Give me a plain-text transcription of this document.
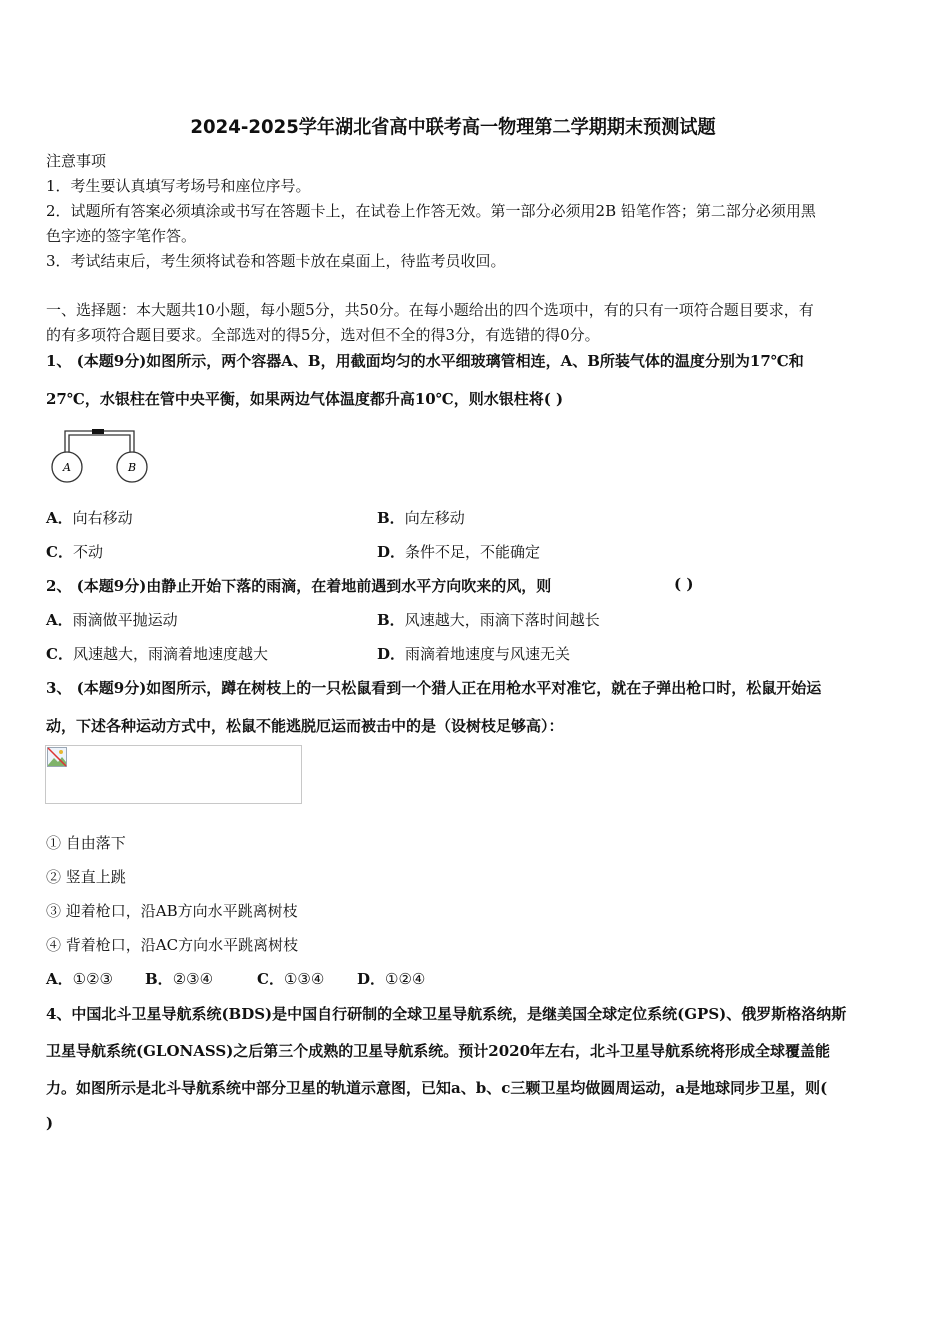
2024-2025学年湖北省高中联考高一物理第二学期期末预测试题
注意事项
1．考生要认真填写考场号和座位序号。
2．试题所有答案必须填涂或书写在答题卡上，在试卷上作答无效。第一部分必须用2B 铅笔作答；第二部分必须用黑
色字迹的签字笔作答。
3．考试结束后，考生须将试卷和答题卡放在桌面上，待监考员收回。
一、选择题：本大题共10小题，每小题5分，共50分。在每小题给出的四个选项中，有的只有一项符合题目要求，有
的有多项符合题目要求。全部选对的得5分，选对但不全的得3分，有选错的得0分。
1、 (本题9分)如图所示，两个容器A、B，用截面均匀的水平细玻璃管相连，A、B所装气体的温度分别为17℃和
27℃，水银柱在管中央平衡，如果两边气体温度都升高10℃，则水银柱将( )
A	B
A．向右移动	B．向左移动
C．不动	D．条件不足，不能确定
2、 (本题9分)由静止开始下落的雨滴，在着地前遇到水平方向吹来的风，则	( )
A．雨滴做平抛运动	B．风速越大，雨滴下落时间越长
C．风速越大，雨滴着地速度越大	D．雨滴着地速度与风速无关
3、 (本题9分)如图所示，蹲在树枝上的一只松鼠看到一个猎人正在用枪水平对准它，就在子弹出枪口时，松鼠开始运
动，下述各种运动方式中，松鼠不能逃脱厄运而被击中的是（设树枝足够高）：
① 自由落下
② 竖直上跳
③ 迎着枪口，沿AB方向水平跳离树枝
④ 背着枪口，沿AC方向水平跳离树枝
A．①②③ B．②③④	C．①③④ D．①②④
4、中国北斗卫星导航系统(BDS)是中国自行研制的全球卫星导航系统，是继美国全球定位系统(GPS)、俄罗斯格洛纳斯
卫星导航系统(GLONASS)之后第三个成熟的卫星导航系统。预计2020年左右，北斗卫星导航系统将形成全球覆盖能
力。如图所示是北斗导航系统中部分卫星的轨道示意图，已知a、b、c三颗卫星均做圆周运动，a是地球同步卫星，则(
)
